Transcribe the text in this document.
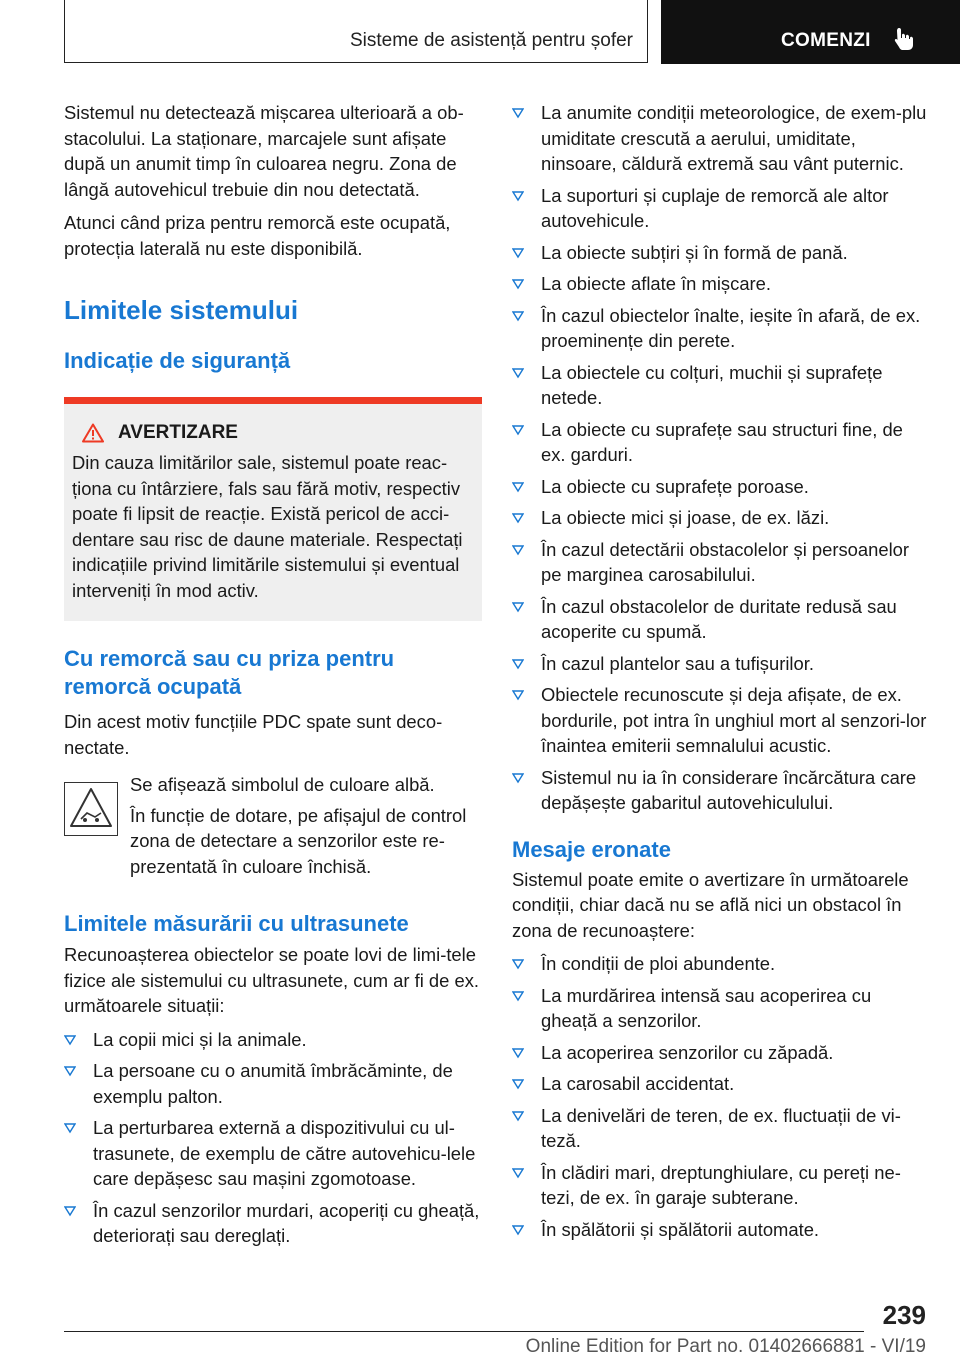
Sisteme de asistență pentru șofer	COMENZI

Sistemul nu detectează mișcarea ulterioară a ob-stacolului. La staționare, marcajele sunt afișate după un anumit timp în culoarea negru. Zona de lângă autovehicul trebuie din nou detectată.

Atunci când priza pentru remorcă este ocupată, protecția laterală nu este disponibilă.

Limitele sistemului
Indicație de siguranță
AVERTIZARE

Din cauza limitărilor sale, sistemul poate reac-ționa cu întârziere, fals sau fără motiv, respectiv poate fi lipsit de reacție. Există pericol de acci-dentare sau risc de daune materiale. Respectați indicațiile privind limitările sistemului și eventual interveniți în mod activ.

Cu remorcă sau cu priza pentru remorcă ocupată

Din acest motiv funcțiile PDC spate sunt deco-nectate.

Se afișează simbolul de culoare albă.

În funcție de dotare, pe afișajul de control zona de detectare a senzorilor este re-prezentată în culoare închisă.

Limitele măsurării cu ultrasunete

Recunoașterea obiectelor se poate lovi de limi-tele fizice ale sistemului cu ultrasunete, cum ar fi de ex. următoarele situații:

La copii mici și la animale.
La persoane cu o anumită îmbrăcăminte, de exemplu palton.
La perturbarea externă a dispozitivului cu ul-trasunete, de exemplu de către autovehicu-lele care depășesc sau mașini zgomotoase.
În cazul senzorilor murdari, acoperiți cu gheață, deteriorați sau dereglați.
La anumite condiții meteorologice, de exem-plu umiditate crescută a aerului, umiditate, ninsoare, căldură extremă sau vânt puternic.
La suporturi și cuplaje de remorcă ale altor autovehicule.
La obiecte subțiri și în formă de pană.
La obiecte aflate în mișcare.
În cazul obiectelor înalte, ieșite în afară, de ex. proeminențe din perete.
La obiectele cu colțuri, muchii și suprafețe netede.
La obiecte cu suprafețe sau structuri fine, de ex. garduri.
La obiecte cu suprafețe poroase.
La obiecte mici și joase, de ex. lăzi.
În cazul detectării obstacolelor și persoanelor pe marginea carosabilului.
În cazul obstacolelor de duritate redusă sau acoperite cu spumă.
În cazul plantelor sau a tufișurilor.
Obiectele recunoscute și deja afișate, de ex. bordurile, pot intra în unghiul mort al senzori-lor înaintea emiterii semnalului acustic.
Sistemul nu ia în considerare încărcătura care depășește gabaritul autovehiculului.
Mesaje eronate

Sistemul poate emite o avertizare în următoarele condiții, chiar dacă nu se află nici un obstacol în zona de recunoaștere:

În condiții de ploi abundente.
La murdărirea intensă sau acoperirea cu gheață a senzorilor.
La acoperirea senzorilor cu zăpadă.
La carosabil accidentat.
La denivelări de teren, de ex. fluctuații de vi-teză.
În clădiri mari, dreptunghiulare, cu pereți ne-tezi, de ex. în garaje subterane.
În spălătorii și spălătorii automate.
239
Online Edition for Part no. 01402666881 - VI/19
